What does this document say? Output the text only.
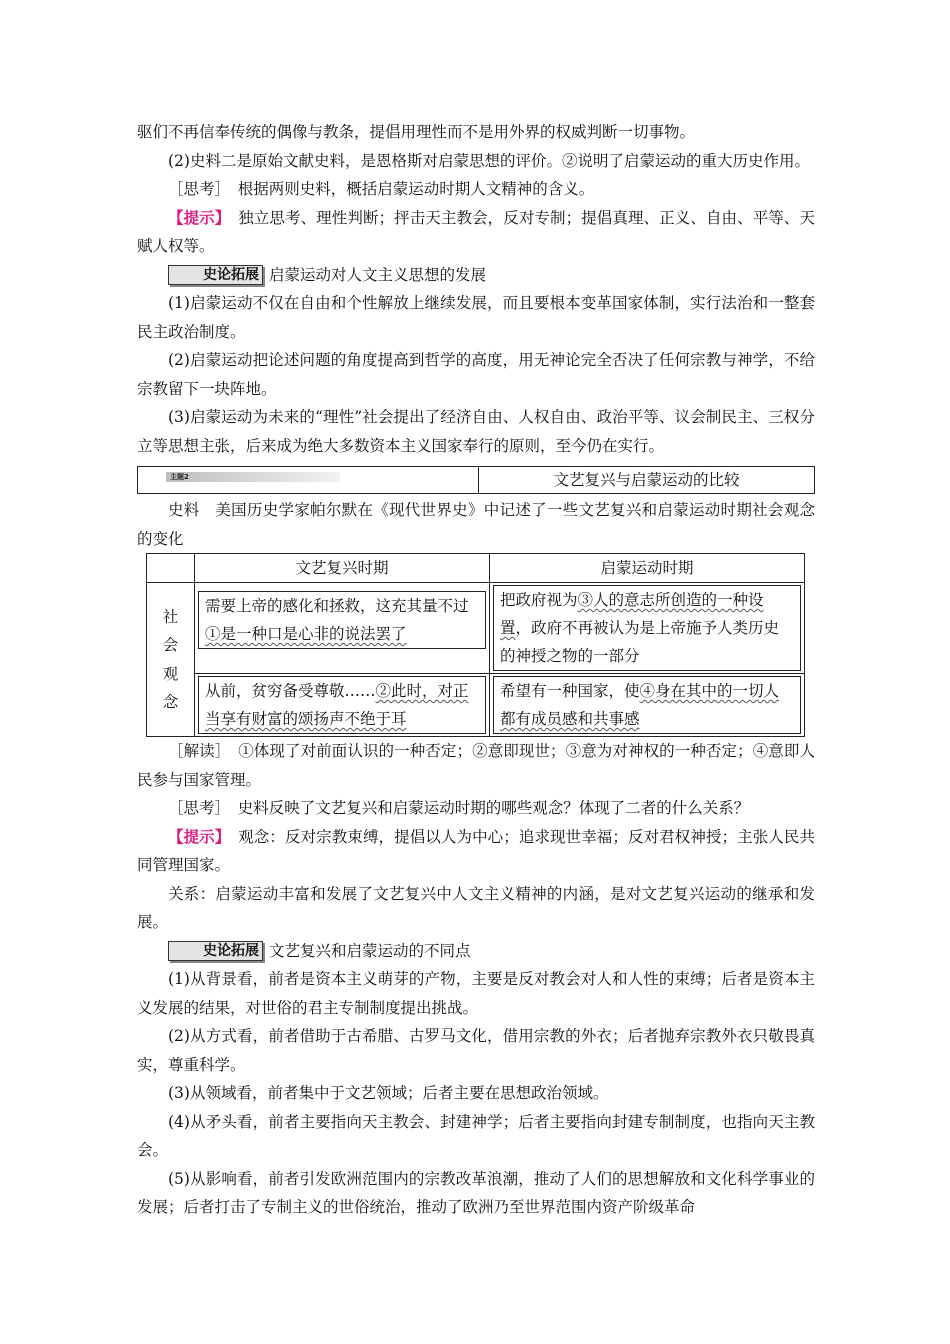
驱们不再信奉传统的偶像与教条，提倡用理性而不是用外界的权威判断一切事物。

(2)史料二是原始文献史料，是恩格斯对启蒙思想的评价。②说明了启蒙运动的重大历史作用。

［思考］　根据两则史料，概括启蒙运动时期人文精神的含义。

【提示】　独立思考、理性判断；抨击天主教会，反对专制；提倡真理、正义、自由、平等、天赋人权等。

史论拓展 启蒙运动对人文主义思想的发展

(1)启蒙运动不仅在自由和个性解放上继续发展，而且要根本变革国家体制，实行法治和一整套民主政治制度。

(2)启蒙运动把论述问题的角度提高到哲学的高度，用无神论完全否决了任何宗教与神学，不给宗教留下一块阵地。

(3)启蒙运动为未来的“理性”社会提出了经济自由、人权自由、政治平等、议会制民主、三权分立等思想主张，后来成为绝大多数资本主义国家奉行的原则，至今仍在实行。

主题2	文艺复兴与启蒙运动的比较

史料　美国历史学家帕尔默在《现代世界史》中记述了一些文艺复兴和启蒙运动时期社会观念的变化

	文艺复兴时期	启蒙运动时期

社
会
观
念	需要上帝的感化和拯救，这充其量不过①是一种口是心非的说法罢了	把政府视为③人的意志所创造的一种设置，政府不再被认为是上帝施予人类历史的神授之物的一部分

	从前，贫穷备受尊敬……②此时，对正当享有财富的颂扬声不绝于耳	希望有一种国家，使④身在其中的一切人都有成员感和共事感

［解读］　①体现了对前面认识的一种否定；②意即现世；③意为对神权的一种否定；④意即人民参与国家管理。

［思考］　史料反映了文艺复兴和启蒙运动时期的哪些观念？体现了二者的什么关系？

【提示】　观念：反对宗教束缚，提倡以人为中心；追求现世幸福；反对君权神授；主张人民共同管理国家。

关系：启蒙运动丰富和发展了文艺复兴中人文主义精神的内涵，是对文艺复兴运动的继承和发展。

史论拓展 文艺复兴和启蒙运动的不同点

(1)从背景看，前者是资本主义萌芽的产物，主要是反对教会对人和人性的束缚；后者是资本主义发展的结果，对世俗的君主专制制度提出挑战。

(2)从方式看，前者借助于古希腊、古罗马文化，借用宗教的外衣；后者抛弃宗教外衣只敬畏真实，尊重科学。

(3)从领域看，前者集中于文艺领域；后者主要在思想政治领域。

(4)从矛头看，前者主要指向天主教会、封建神学；后者主要指向封建专制制度，也指向天主教会。

(5)从影响看，前者引发欧洲范围内的宗教改革浪潮，推动了人们的思想解放和文化科学事业的发展；后者打击了专制主义的世俗统治，推动了欧洲乃至世界范围内资产阶级革命
